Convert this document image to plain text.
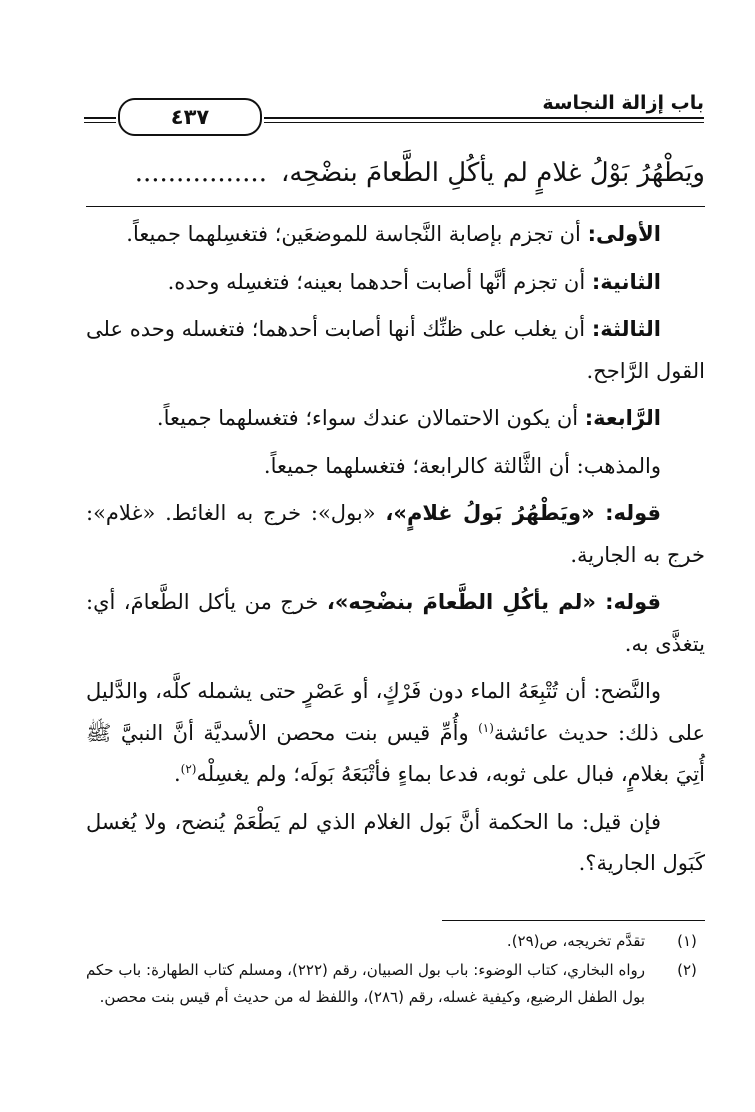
باب إزالة النجاسة
٤٣٧
ويَطْهُرُ بَوْلُ غلامٍ لم يأكُلِ الطَّعامَ بنضْحِه،................

الأولى: أن تجزم بإصابة النَّجاسة للموضعَين؛ فتغسِلهما جميعاً.

الثانية: أن تجزم أنَّها أصابت أحدهما بعينه؛ فتغسِله وحده.

الثالثة: أن يغلب على ظنِّك أنها أصابت أحدهما؛ فتغسله وحده على القول الرَّاجح.

الرَّابعة: أن يكون الاحتمالان عندك سواء؛ فتغسلهما جميعاً.

والمذهب: أن الثَّالثة كالرابعة؛ فتغسلهما جميعاً.

قوله: «ويَطْهُرُ بَولُ غلامٍ»، «بول»: خرج به الغائط. «غلام»: خرج به الجارية.

قوله: «لم يأكُلِ الطَّعامَ بنضْحِه»، خرج من يأكل الطَّعامَ، أي: يتغذَّى به.

والنَّضح: أن تُتْبِعَهُ الماء دون فَرْكٍ، أو عَصْرٍ حتى يشمله كلَّه، والدَّليل على ذلك: حديث عائشة$^{(١)}$ وأُمِّ قيس بنت محصن الأسديَّة أنَّ النبيَّ ﷺ أُتِيَ بغلامٍ، فبال على ثوبه، فدعا بماءٍ فأتْبَعَهُ بَولَه؛ ولم يغسِلْه$^{(٢)}$.

فإن قيل: ما الحكمة أنَّ بَول الغلام الذي لم يَطْعَمْ يُنضح، ولا يُغسل كَبَول الجارية؟.

(١)
تقدَّم تخريجه، ص(٢٩).
(٢)
رواه البخاري، كتاب الوضوء: باب بول الصبيان، رقم (٢٢٢)، ومسلم كتاب الطهارة: باب حكم بول الطفل الرضيع، وكيفية غسله، رقم (٢٨٦)، واللفظ له من حديث أم قيس بنت محصن.
